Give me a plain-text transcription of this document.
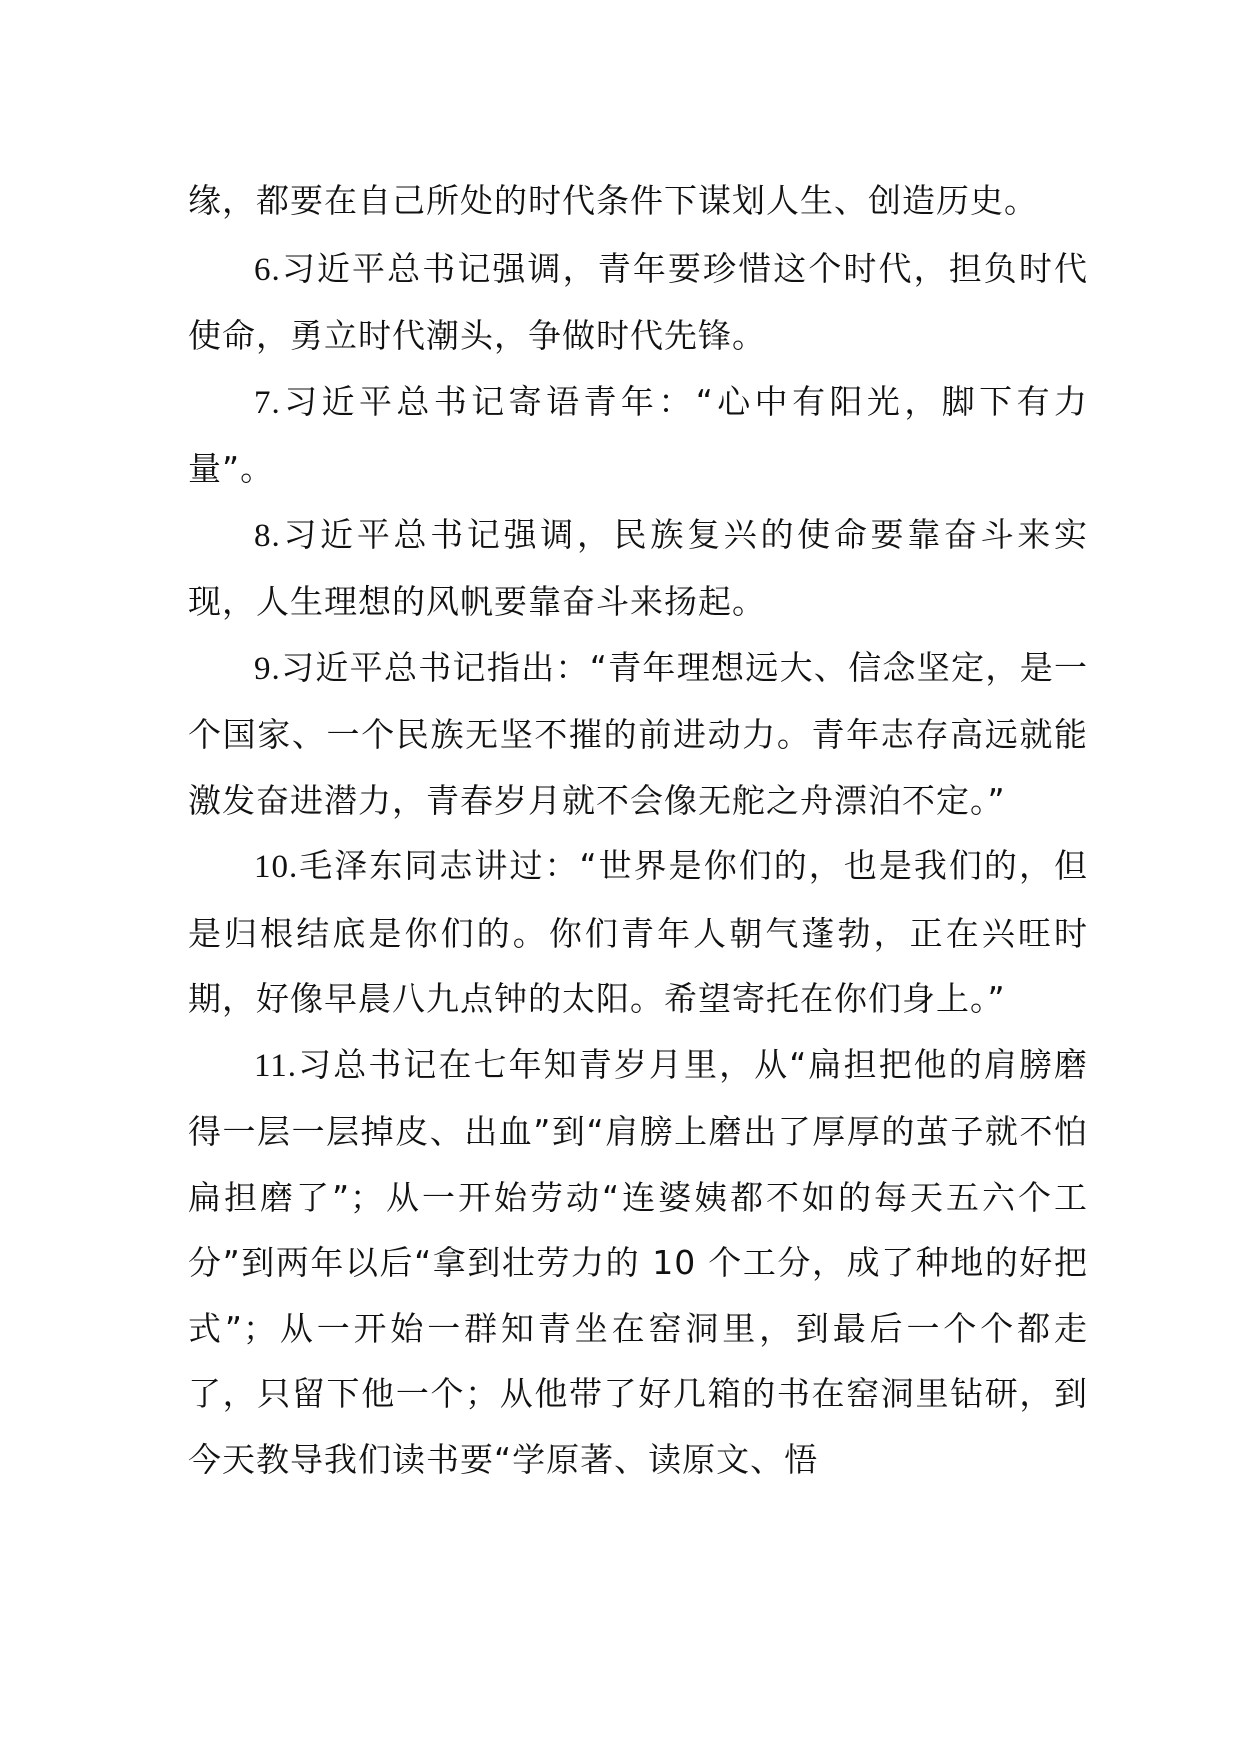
缘，都要在自己所处的时代条件下谋划人生、创造历史。

6.习近平总书记强调，青年要珍惜这个时代，担负时代使命，勇立时代潮头，争做时代先锋。

7.习近平总书记寄语青年：“心中有阳光，脚下有力量”。

8.习近平总书记强调，民族复兴的使命要靠奋斗来实现，人生理想的风帆要靠奋斗来扬起。

9.习近平总书记指出：“青年理想远大、信念坚定，是一个国家、一个民族无坚不摧的前进动力。青年志存高远就能激发奋进潜力，青春岁月就不会像无舵之舟漂泊不定。”

10.毛泽东同志讲过：“世界是你们的，也是我们的，但是归根结底是你们的。你们青年人朝气蓬勃，正在兴旺时期，好像早晨八九点钟的太阳。希望寄托在你们身上。”

11.习总书记在七年知青岁月里，从“扁担把他的肩膀磨得一层一层掉皮、出血”到“肩膀上磨出了厚厚的茧子就不怕扁担磨了”；从一开始劳动“连婆姨都不如的每天五六个工分”到两年以后“拿到壮劳力的 10 个工分，成了种地的好把式”；从一开始一群知青坐在窑洞里，到最后一个个都走了，只留下他一个；从他带了好几箱的书在窑洞里钻研，到今天教导我们读书要“学原著、读原文、悟
